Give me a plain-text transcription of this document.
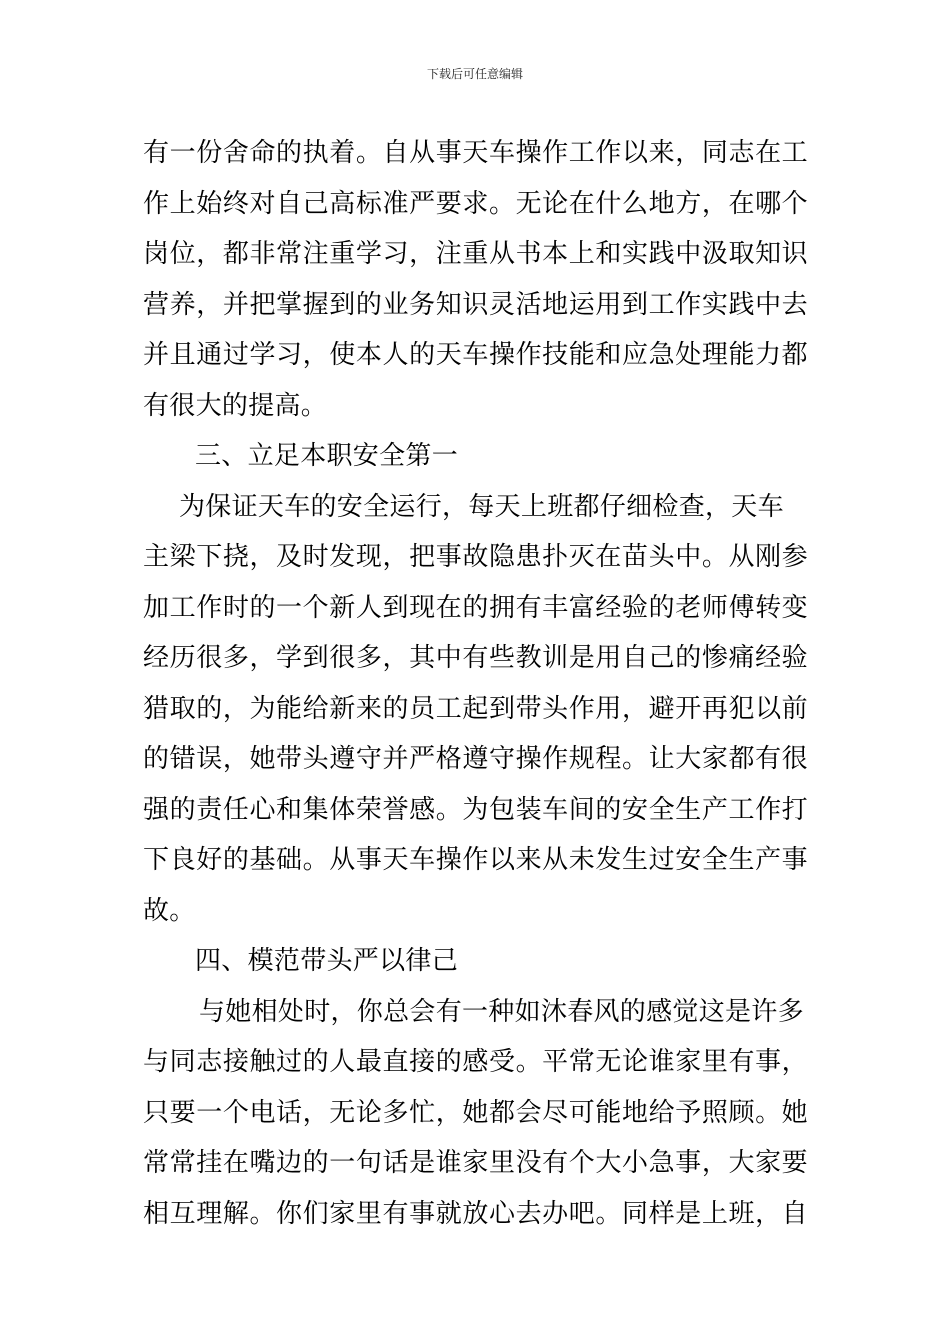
下载后可任意编辑
有一份舍命的执着。自从事天车操作工作以来，同志在工
作上始终对自己高标准严要求。无论在什么地方，在哪个
岗位，都非常注重学习，注重从书本上和实践中汲取知识
营养，并把掌握到的业务知识灵活地运用到工作实践中去
并且通过学习，使本人的天车操作技能和应急处理能力都
有很大的提高。
三、立足本职安全第一
为保证天车的安全运行，每天上班都仔细检查，天车
主梁下挠，及时发现，把事故隐患扑灭在苗头中。从刚参
加工作时的一个新人到现在的拥有丰富经验的老师傅转变
经历很多，学到很多，其中有些教训是用自己的惨痛经验
猎取的，为能给新来的员工起到带头作用，避开再犯以前
的错误，她带头遵守并严格遵守操作规程。让大家都有很
强的责任心和集体荣誉感。为包装车间的安全生产工作打
下良好的基础。从事天车操作以来从未发生过安全生产事
故。
四、模范带头严以律己
与她相处时，你总会有一种如沐春风的感觉这是许多
与同志接触过的人最直接的感受。平常无论谁家里有事，
只要一个电话，无论多忙，她都会尽可能地给予照顾。她
常常挂在嘴边的一句话是谁家里没有个大小急事，大家要
相互理解。你们家里有事就放心去办吧。同样是上班，自
